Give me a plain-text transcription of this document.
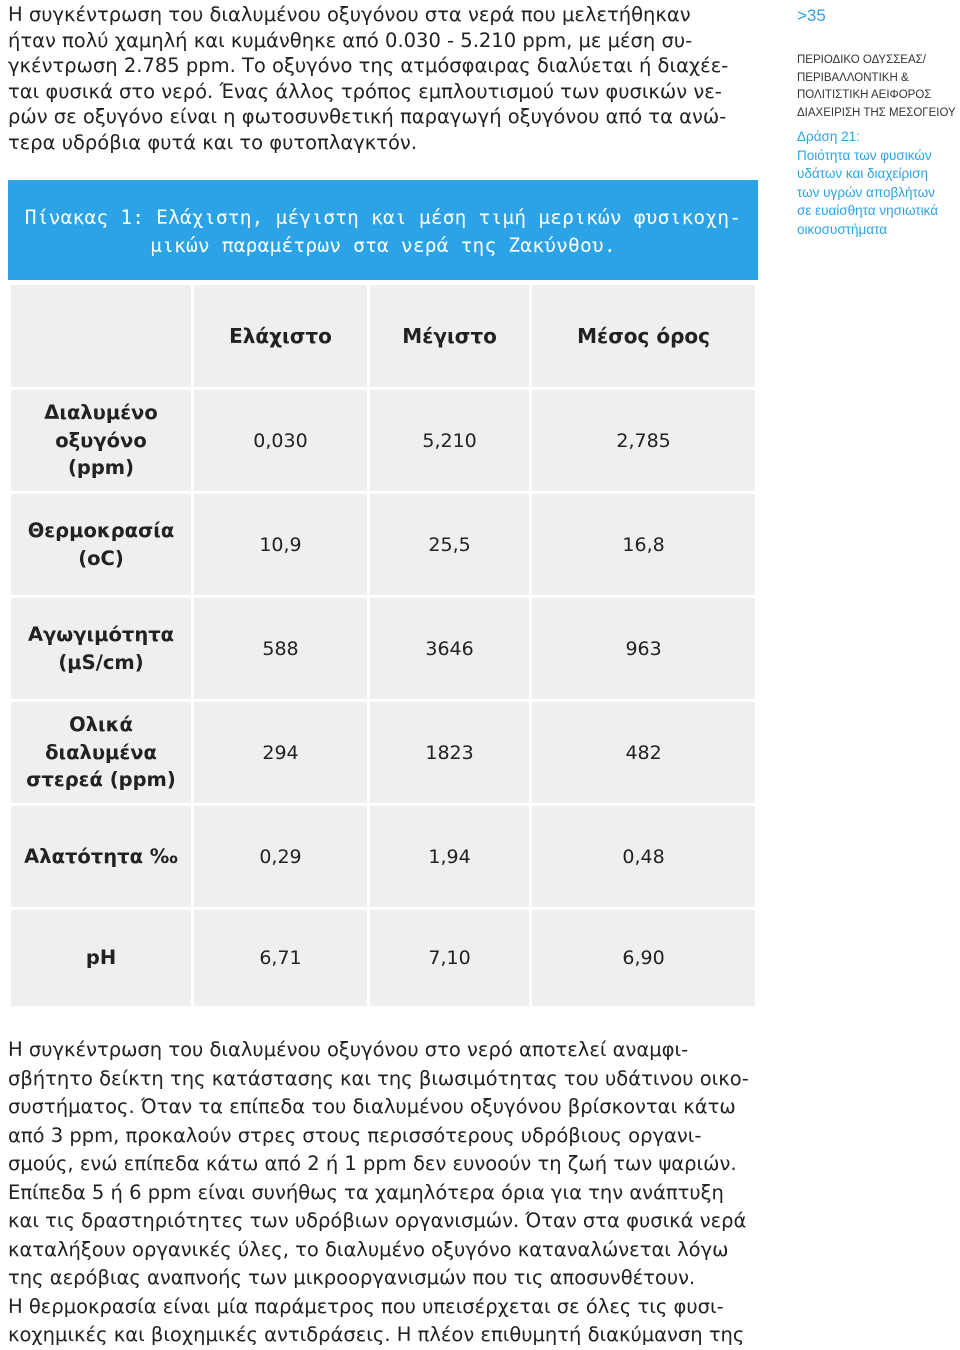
Η συγκέντρωση του διαλυμένου οξυγόνου στα νερά που μελετήθηκαν
ήταν πολύ χαμηλή και κυμάνθηκε από 0.030 - 5.210 ppm, με μέση συ-
γκέντρωση 2.785 ppm. Το οξυγόνο της ατμόσφαιρας διαλύεται ή διαχέε-
ται φυσικά στο νερό. Ένας άλλος τρόπος εμπλουτισμού των φυσικών νε-
ρών σε οξυγόνο είναι η φωτοσυνθετική παραγωγή οξυγόνου από τα ανώ-
τερα υδρόβια φυτά και το φυτοπλαγκτόν.
Πίνακας 1: Ελάχιστη, μέγιστη και μέση τιμή μερικών φυσικοχη-
μικών παραμέτρων στα νερά της Ζακύνθου.
>35
ΠΕΡΙΟΔΙΚΟ ΟΔΥΣΣΕΑΣ/
ΠΕΡΙΒΑΛΛΟΝΤΙΚΗ &
ΠΟΛΙΤΙΣΤΙΚΗ ΑΕΙΦΟΡΟΣ
ΔΙΑΧΕΙΡΙΣΗ ΤΗΣ ΜΕΣΟΓΕΙΟΥ
Δράση 21:
Ποιότητα των φυσικών
υδάτων και διαχείριση
των υγρών αποβλήτων
σε ευαίσθητα νησιωτικά
οικοσυστήματα
	Ελάχιστο	Μέγιστο	Μέσος όρος

Διαλυμένο
οξυγόνο
(ppm)	0,030	5,210	2,785

Θερμοκρασία
(oC)	10,9	25,5	16,8

Αγωγιμότητα
(μS/cm)	588	3646	963

Ολικά
διαλυμένα
στερεά (ppm)	294	1823	482

Αλατότητα ‰	0,29	1,94	0,48

pH	6,71	7,10	6,90
Η συγκέντρωση του διαλυμένου οξυγόνου στο νερό αποτελεί αναμφι-
σβήτητο δείκτη της κατάστασης και της βιωσιμότητας του υδάτινου οικο-
συστήματος. Όταν τα επίπεδα του διαλυμένου οξυγόνου βρίσκονται κάτω
από 3 ppm, προκαλούν στρες στους περισσότερους υδρόβιους οργανι-
σμούς, ενώ επίπεδα κάτω από 2 ή 1 ppm δεν ευνοούν τη ζωή των ψαριών.
Επίπεδα 5 ή 6 ppm είναι συνήθως τα χαμηλότερα όρια για την ανάπτυξη
και τις δραστηριότητες των υδρόβιων οργανισμών. Όταν στα φυσικά νερά
καταλήξουν οργανικές ύλες, το διαλυμένο οξυγόνο καταναλώνεται λόγω
της αερόβιας αναπνοής των μικροοργανισμών που τις αποσυνθέτουν.
Η θερμοκρασία είναι μία παράμετρος που υπεισέρχεται σε όλες τις φυσι-
κοχημικές και βιοχημικές αντιδράσεις. Η πλέον επιθυμητή διακύμανση της
